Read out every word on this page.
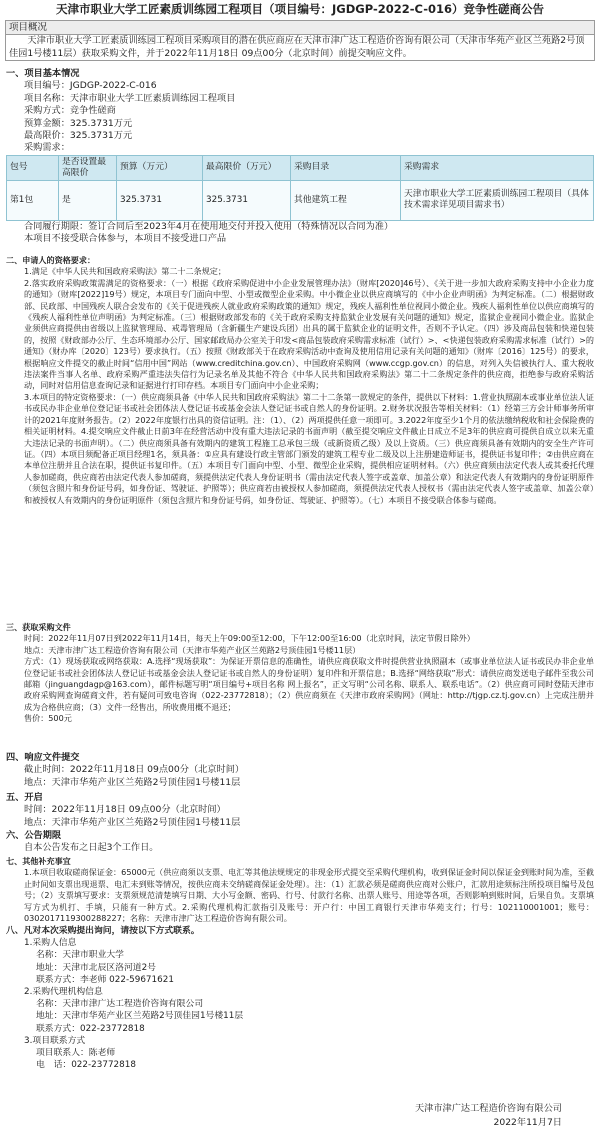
天津市职业大学工匠素质训练园工程项目（项目编号：JGDGP-2022-C-016）竞争性磋商公告
项目概况
天津市职业大学工匠素质训练园工程项目采购项目的潜在供应商应在天津市津广达工程造价咨询有限公司（天津市华苑产业区兰苑路2号顶佳园1号楼11层）获取采购文件，并于2022年11月18日 09点00分（北京时间）前提交响应文件。

一、项目基本情况

项目编号：JGDGP-2022-C-016

项目名称：天津市职业大学工匠素质训练园工程项目

采购方式：竞争性磋商

预算金额：325.3731万元

最高限价：325.3731万元

采购需求：

包号	是否设置最高限价	预算（万元）	最高限价（万元）	采购目录	采购需求
第1包	是	325.3731	325.3731	其他建筑工程	天津市职业大学工匠素质训练园工程项目（具体技术需求详见项目需求书）

合同履行期限：签订合同后至2023年4月在使用地交付并投入使用（特殊情况以合同为准）

本项目不接受联合体参与，本项目不接受进口产品

二、申请人的资格要求：

1.满足《中华人民共和国政府采购法》第二十二条规定；

2.落实政府采购政策需满足的资格要求：（一）根据《政府采购促进中小企业发展管理办法》（财库[2020]46号）、《关于进一步加大政府采购支持中小企业力度的通知》（财库[2022]19号）规定，本项目专门面向中型、小型或微型企业采购。中小微企业以供应商填写的《中小企业声明函》为判定标准。（二）根据财政部、民政部、中国残疾人联合会发布的《关于促进残疾人就业政府采购政策的通知》规定，残疾人福利性单位视同小微企业。残疾人福利性单位以供应商填写的《残疾人福利性单位声明函》为判定标准。（三）根据财政部发布的《关于政府采购支持监狱企业发展有关问题的通知》规定，监狱企业视同小微企业。监狱企业须供应商提供由省级以上监狱管理局、戒毒管理局（含新疆生产建设兵团）出具的属于监狱企业的证明文件，否则不予认定。（四）涉及商品包装和快递包装的，按照《财政部办公厅、生态环境部办公厅、国家邮政局办公室关于印发<商品包装政府采购需求标准（试行）>、<快递包装政府采购需求标准（试行）>的通知》（财办库〔2020〕123号）要求执行。（五）按照《财政部关于在政府采购活动中查询及使用信用记录有关问题的通知》（财库〔2016〕125号）的要求，根据响应文件提交的截止时间“信用中国”网站（www.creditchina.gov.cn）、中国政府采购网（www.ccgp.gov.cn）的信息，对列入失信被执行人、重大税收违法案件当事人名单、政府采购严重违法失信行为记录名单及其他不符合《中华人民共和国政府采购法》第二十二条规定条件的供应商，拒绝参与政府采购活动，同时对信用信息查询记录和证据进行打印存档。本项目专门面向中小企业采购；

3.本项目的特定资格要求：（一）供应商须具备《中华人民共和国政府采购法》第二十二条第一款规定的条件，提供以下材料：1.营业执照副本或事业单位法人证书或民办非企业单位登记证书或社会团体法人登记证书或基金会法人登记证书或自然人的身份证明。2.财务状况报告等相关材料：（1）经第三方会计师事务所审计的2021年度财务报告。（2）2022年度银行出具的资信证明。注：（1）、（2）两项提供任意一项即可。3.2022年度至少1个月的依法缴纳税收和社会保险费的相关证明材料。4.提交响应文件截止日前3年在经营活动中没有重大违法记录的书面声明（截至提交响应文件截止日成立不足3年的供应商可提供自成立以来无重大违法记录的书面声明）。（二）供应商须具备有效期内的建筑工程施工总承包三级（或新资质乙级）及以上资质。（三）供应商须具备有效期内的安全生产许可证。（四）本项目须配备正项目经理1名，须具备：①应具有建设行政主管部门颁发的建筑工程专业二级及以上注册建造师证书，提供证书复印件；②由供应商在本单位注册并且合法在职，提供证书复印件。（五）本项目专门面向中型、小型、微型企业采购，提供相应证明材料。（六）供应商须由法定代表人或其委托代理人参加磋商，供应商若由法定代表人参加磋商，须提供法定代表人身份证明书（需由法定代表人签字或盖章、加盖公章）和法定代表人有效期内的身份证明原件（须包含照片和身份证号码，如身份证、驾驶证、护照等）；供应商若由被授权人参加磋商，须提供法定代表人授权书（需由法定代表人签字或盖章、加盖公章）和被授权人有效期内的身份证明原件（须包含照片和身份证号码，如身份证、驾驶证、护照等）。（七）本项目不接受联合体参与磋商。

三、获取采购文件

时间：2022年11月07日到2022年11月14日，每天上午09:00至12:00，下午12:00至16:00（北京时间，法定节假日除外）

地点：天津市津广达工程造价咨询有限公司（天津市华苑产业区兰苑路2号顶佳园1号楼11层）

方式：（1）现场获取或网络获取：A.选择“现场获取”：为保证开票信息的准确性，请供应商获取文件时提供营业执照副本（或事业单位法人证书或民办非企业单位登记证书或社会团体法人登记证书或基金会法人登记证书或自然人的身份证明）复印件和开票信息；B.选择“网络获取”形式：请供应商发送电子邮件至我公司邮箱（jinguangdagp@163.com），邮件标题写明“项目编号+项目名称 网上报名”，正文写明“公司名称、联系人、联系电话”。（2）供应商可同时登陆天津市政府采购网查询磋商文件，若有疑问可致电咨询（022-23772818）；（2）供应商须在《天津市政府采购网》（网址：http://tjgp.cz.tj.gov.cn）上完成注册并成为合格供应商；（3）文件一经售出，所收费用概不退还；

售价：500元

四、响应文件提交

截止时间：2022年11月18日 09点00分（北京时间）

地点：天津市华苑产业区兰苑路2号顶佳园1号楼11层

五、开启

时间：2022年11月18日 09点00分（北京时间）

地点：天津市华苑产业区兰苑路2号顶佳园1号楼11层

六、公告期限

自本公告发布之日起3个工作日。

七、其他补充事宜

1.本项目收取磋商保证金：65000元（供应商须以支票、电汇等其他法规规定的非现金形式提交至采购代理机构，收到保证金时间以保证金到账时间为准，至截止时间如支票出现退票、电汇未到账等情况，按供应商未交纳磋商保证金处理）。注：（1）汇款必须是磋商供应商对公账户，汇款用途须标注所投项目编号及包号；（2）支票填写要求：支票须规范清楚填写日期、大小写金额、密码、行号、付款行名称、出票人账号、用途等各项，否则影响到账时间，后果自负。支票填写方式为机打、手填，只能有一种方式。2.采购代理机构汇款指引及账号：开户行：中国工商银行天津市华苑支行；行号：102110001001；账号：0302017119300288227；名称：天津市津广达工程造价咨询有限公司。

八、凡对本次采购提出询问，请按以下方式联系。

1.采购人信息

名称：天津市职业大学

地址：天津市北辰区洛河道2号

联系方式：李老师 022-59671621

2.采购代理机构信息

名称：天津市津广达工程造价咨询有限公司

地址：天津市华苑产业区兰苑路2号顶佳园1号楼11层

联系方式：022-23772818

3.项目联系方式

项目联系人：陈老师

电　话：022-23772818

天津市津广达工程造价咨询有限公司
2022年11月7日
